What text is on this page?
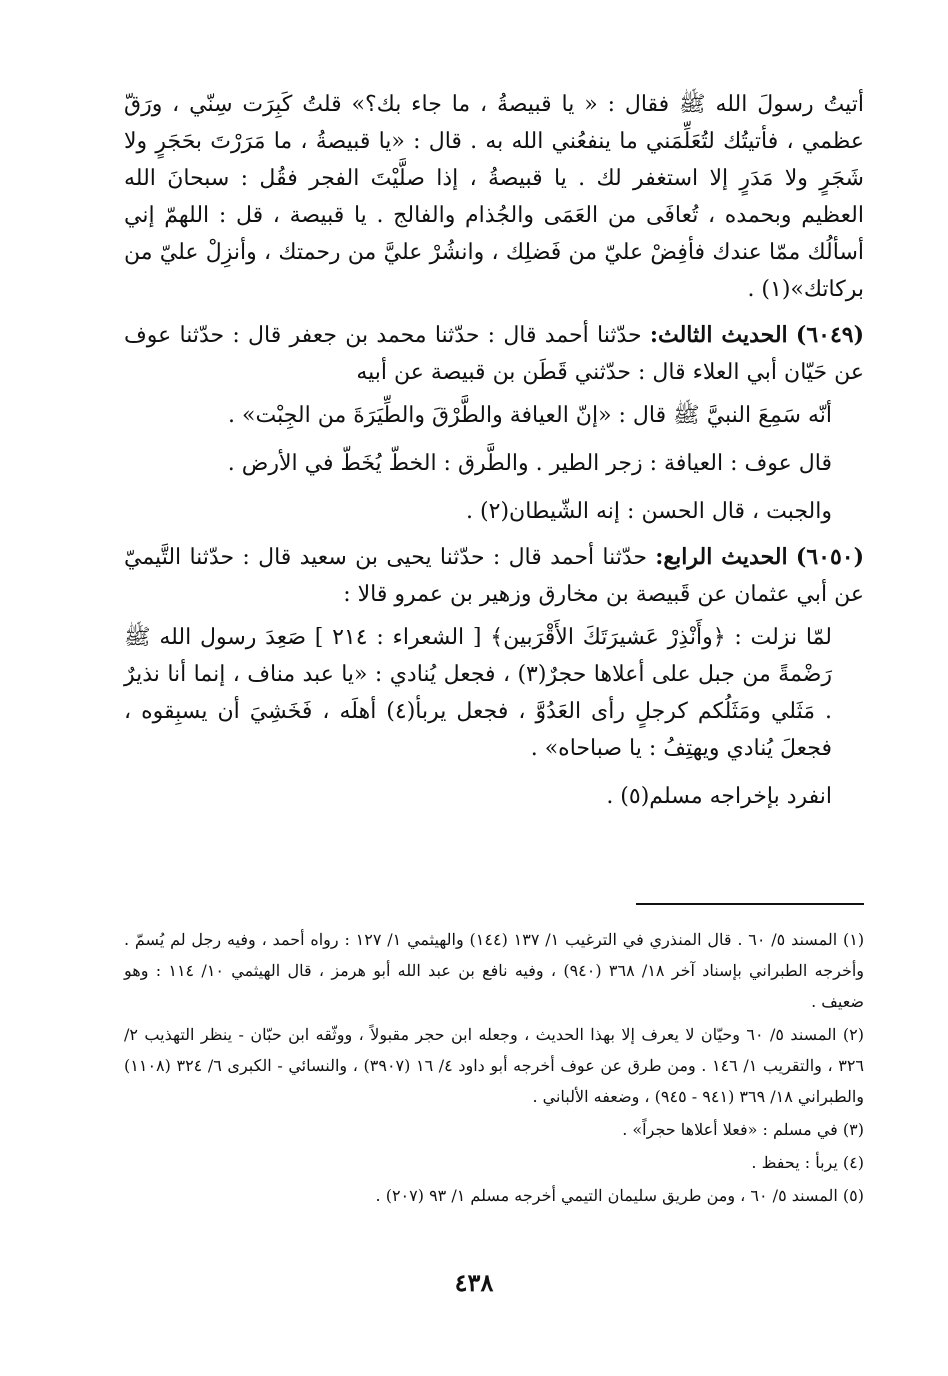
أتيتُ رسولَ الله ﷺ فقال : « يا قبيصةُ ، ما جاء بك؟» قلتُ كَبِرَت سِنّي ، ورَقّ عظمي ، فأتيتُك لتُعَلِّمَني ما ينفعُني الله به . قال : «يا قبيصةُ ، ما مَرَرْتَ بحَجَرٍ ولا شَجَرٍ ولا مَدَرٍ إلا استغفر لك . يا قبيصةُ ، إذا صلَّيْتَ الفجر فقُل : سبحانَ الله العظيم وبحمده ، تُعافَى من العَمَى والجُذام والفالج . يا قبيصة ، قل : اللهمّ إني أسألُك ممّا عندك فأفِضْ عليّ من فَضلِك ، وانشُرْ عليَّ من رحمتك ، وأنزِلْ عليّ من بركاتك»(١) .

(٦٠٤٩) الحديث الثالث: حدّثنا أحمد قال : حدّثنا محمد بن جعفر قال : حدّثنا عوف عن حَيّان أبي العلاء قال : حدّثني قَطَن بن قبيصة عن أبيه

أنّه سَمِعَ النبيَّ ﷺ قال : «إنّ العيافة والطَّرْقَ والطِّيَرَةَ من الجِبْت» .

قال عوف : العيافة : زجر الطير . والطَّرق : الخطّ يُخَطّ في الأرض .

والجبت ، قال الحسن : إنه الشّيطان(٢) .

(٦٠٥٠) الحديث الرابع: حدّثنا أحمد قال : حدّثنا يحيى بن سعيد قال : حدّثنا التَّيميّ عن أبي عثمان عن قَبيصة بن مخارق وزهير بن عمرو قالا :

لمّا نزلت : ﴿وأَنْذِرْ عَشيرَتَكَ الأَقْرَبين﴾ [ الشعراء : ٢١٤ ] صَعِدَ رسول الله ﷺ رَضْمةً من جبل على أعلاها حجرٌ(٣) ، فجعل يُنادي : «يا عبد مناف ، إنما أنا نذيرٌ . مَثَلي ومَثَلُكم كرجلٍ رأى العَدُوَّ ، فجعل يربأ(٤) أهلَه ، فَخَشِيَ أن يسبِقوه ، فجعلَ يُنادي ويهتِفُ : يا صباحاه» .

انفرد بإخراجه مسلم(٥) .

(١) المسند ٥/ ٦٠ . قال المنذري في الترغيب ١/ ١٣٧ (١٤٤) والهيثمي ١/ ١٢٧ : رواه أحمد ، وفيه رجل لم يُسمّ . وأخرجه الطبراني بإسناد آخر ١٨/ ٣٦٨ (٩٤٠) ، وفيه نافع بن عبد الله أبو هرمز ، قال الهيثمي ١٠/ ١١٤ : وهو ضعيف .

(٢) المسند ٥/ ٦٠ وحيّان لا يعرف إلا بهذا الحديث ، وجعله ابن حجر مقبولاً ، ووثّقه ابن حبّان - ينظر التهذيب ٢/ ٣٢٦ ، والتقريب ١/ ١٤٦ . ومن طرق عن عوف أخرجه أبو داود ٤/ ١٦ (٣٩٠٧) ، والنسائي - الكبرى ٦/ ٣٢٤ (١١٠٨) والطبراني ١٨/ ٣٦٩ (٩٤١ - ٩٤٥) ، وضعفه الألباني .

(٣) في مسلم : «فعلا أعلاها حجراً» .

(٤) يربأ : يحفظ .

(٥) المسند ٥/ ٦٠ ، ومن طريق سليمان التيمي أخرجه مسلم ١/ ٩٣ (٢٠٧) .

٤٣٨
